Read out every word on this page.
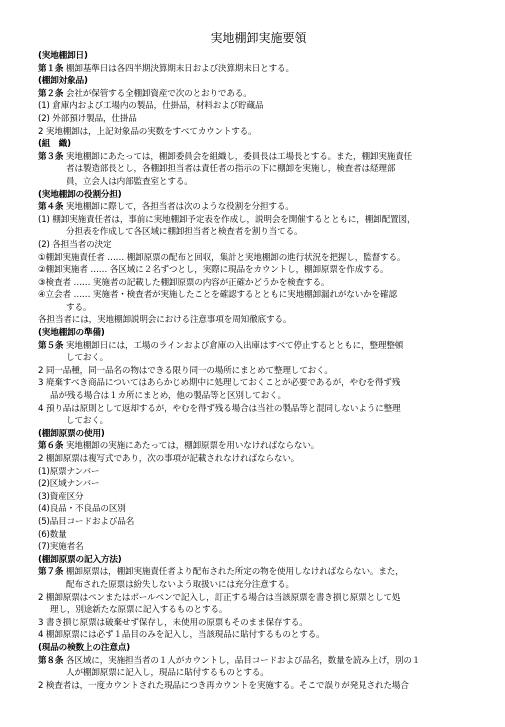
実地棚卸実施要領
(実地棚卸日)
第１条 棚卸基準日は各四半期決算期末日および決算期末日とする。
(棚卸対象品)
第２条 会社が保管する全棚卸資産で次のとおりである。
(1) 倉庫内および工場内の製品，仕掛品，材料および貯蔵品
(2) 外部預け製品，仕掛品
2 実地棚卸は，上記対象品の実数をすべてカウントする。
(組　織)
第３条 実地棚卸にあたっては，棚卸委員会を組織し，委員長は工場長とする。また，棚卸実施責任
者は製造部長とし，各棚卸担当者は責任者の指示の下に棚卸を実施し，検査者は経理部
員，立会人は内部監査室とする。
(実地棚卸の役割分担)
第４条 実地棚卸に際して，各担当者は次のような役割を分担する。
(1) 棚卸実施責任者は，事前に実地棚卸予定表を作成し，説明会を開催するとともに，棚卸配置図，
分担表を作成して各区域に棚卸担当者と検査者を割り当てる。
(2) 各担当者の決定
①棚卸実施責任者 …… 棚卸原票の配布と回収，集計と実地棚卸の進行状況を把握し，監督する。
②棚卸実施者 …… 各区域に２名ずつとし，実際に現品をカウントし，棚卸原票を作成する。
③検査者 …… 実施者の記載した棚卸原票の内容が正確かどうかを検査する。
④立会者 …… 実施者・検査者が実施したことを確認するとともに実地棚卸漏れがないかを確認
する。
各担当者には，実地棚卸説明会における注意事項を周知徹底する。
(実地棚卸の準備)
第５条 実地棚卸日には，工場のラインおよび倉庫の入出庫はすべて停止するとともに，整理整頓
しておく。
2 同一品種，同一品名の物はできる限り同一の場所にまとめて整理しておく。
3 廃棄すべき商品についてはあらかじめ期中に処理しておくことが必要であるが，やむを得ず残
品が残る場合は１カ所にまとめ，他の製品等と区別しておく。
4 預り品は原則として返却するが，やむを得ず残る場合は当社の製品等と混同しないように整理
しておく。
(棚卸原票の使用)
第６条 実地棚卸の実施にあたっては，棚卸原票を用いなければならない。
2 棚卸原票は複写式であり，次の事項が記載されなければならない。
(1)原票ナンバー
(2)区域ナンバー
(3)資産区分
(4)良品・不良品の区別
(5)品目コードおよび品名
(6)数量
(7)実施者名
(棚卸原票の記入方法)
第７条 棚卸原票は，棚卸実施責任者より配布された所定の物を使用しなければならない。また，
配布された原票は紛失しないよう取扱いには充分注意する。
2 棚卸原票はペンまたはボールペンで記入し，訂正する場合は当該原票を書き損じ原票として処
理し，別途新たな原票に記入するものとする。
3 書き損じ原票は破棄せず保存し，未使用の原票もそのまま保存する。
4 棚卸原票には必ず１品目のみを記入し，当該現品に貼付するものとする。
(現品の検数上の注意点)
第８条 各区域に，実施担当者の１人がカウントし，品目コードおよび品名，数量を読み上げ，別の１
人が棚卸原票に記入し，現品に貼付するものとする。
2 検査者は，一度カウントされた現品につき再カウントを実施する。そこで誤りが発見された場合
